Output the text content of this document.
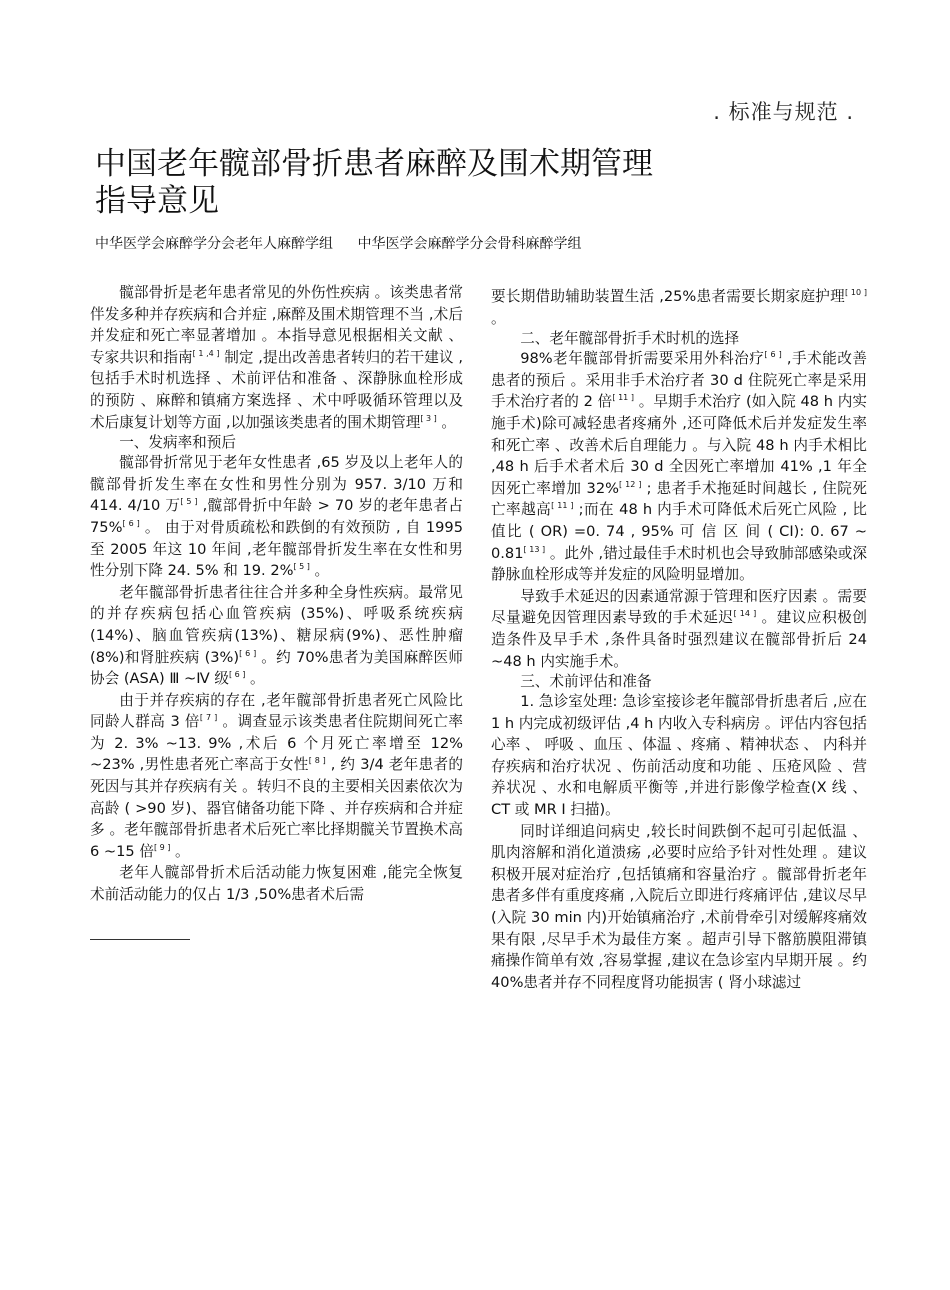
. 标准与规范 .
中国老年髋部骨折患者麻醉及围术期管理
指导意见
中华医学会麻醉学分会老年人麻醉学组 中华医学会麻醉学分会骨科麻醉学组

髋部骨折是老年患者常见的外伤性疾病 。该类患者常伴发多种并存疾病和合并症 ,麻醉及围术期管理不当 ,术后并发症和死亡率显著增加 。本指导意见根据相关文献 、专家共识和指南[ 1 ,4 ] 制定 ,提出改善患者转归的若干建议 ,包括手术时机选择 、术前评估和准备 、深静脉血栓形成的预防 、麻醉和镇痛方案选择 、术中呼吸循环管理以及术后康复计划等方面 ,以加强该类患者的围术期管理[ 3 ] 。

一、发病率和预后

髋部骨折常见于老年女性患者 ,65 岁及以上老年人的髋部骨折发生率在女性和男性分别为 957. 3/10 万和 414. 4/10 万[ 5 ] ,髋部骨折中年龄 > 70 岁的老年患者占 75%[ 6 ] 。 由于对骨质疏松和跌倒的有效预防 , 自 1995 至 2005 年这 10 年间 ,老年髋部骨折发生率在女性和男性分别下降 24. 5% 和 19. 2%[ 5 ] 。

老年髋部骨折患者往往合并多种全身性疾病。最常见的并存疾病包括心血管疾病 (35%)、呼吸系统疾病 (14%)、脑血管疾病(13%)、糖尿病(9%)、恶性肿瘤 (8%)和肾脏疾病 (3%)[ 6 ] 。约 70%患者为美国麻醉医师协会 (ASA) Ⅲ ~Ⅳ 级[ 6 ] 。

由于并存疾病的存在 ,老年髋部骨折患者死亡风险比同龄人群高 3 倍[ 7 ] 。调查显示该类患者住院期间死亡率为 2. 3% ~13. 9% ,术后 6 个月死亡率增至 12% ~23% ,男性患者死亡率高于女性[ 8 ] , 约 3/4 老年患者的死因与其并存疾病有关 。转归不良的主要相关因素依次为高龄 ( >90 岁)、器官储备功能下降 、并存疾病和合并症多 。老年髋部骨折患者术后死亡率比择期髋关节置换术高 6 ~15 倍[ 9 ] 。

老年人髋部骨折术后活动能力恢复困难 ,能完全恢复术前活动能力的仅占 1/3 ,50%患者术后需

要长期借助辅助装置生活 ,25%患者需要长期家庭护理[ 10 ] 。

二、老年髋部骨折手术时机的选择

98%老年髋部骨折需要采用外科治疗[ 6 ] ,手术能改善患者的预后 。采用非手术治疗者 30 d 住院死亡率是采用手术治疗者的 2 倍[ 11 ] 。早期手术治疗 (如入院 48 h 内实施手术)除可减轻患者疼痛外 ,还可降低术后并发症发生率和死亡率 、改善术后自理能力 。与入院 48 h 内手术相比 ,48 h 后手术者术后 30 d 全因死亡率增加 41% ,1 年全因死亡率增加 32%[ 12 ] ; 患者手术拖延时间越长 , 住院死亡率越高[ 11 ] ;而在 48 h 内手术可降低术后死亡风险 , 比值比 ( OR) =0. 74 , 95% 可 信 区 间 ( CI): 0. 67 ~ 0.81[ 13 ] 。此外 ,错过最佳手术时机也会导致肺部感染或深静脉血栓形成等并发症的风险明显增加。

导致手术延迟的因素通常源于管理和医疗因素 。需要尽量避免因管理因素导致的手术延迟[ 14 ] 。建议应积极创造条件及早手术 ,条件具备时强烈建议在髋部骨折后 24 ~48 h 内实施手术。

三、术前评估和准备

1. 急诊室处理: 急诊室接诊老年髋部骨折患者后 ,应在 1 h 内完成初级评估 ,4 h 内收入专科病房 。评估内容包括心率 、 呼吸 、血压 、体温 、疼痛 、精神状态 、 内科并存疾病和治疗状况 、伤前活动度和功能 、压疮风险 、营养状况 、水和电解质平衡等 ,并进行影像学检查(X 线 、 CT 或 MR I 扫描)。

同时详细追问病史 ,较长时间跌倒不起可引起低温 、 肌肉溶解和消化道溃疡 ,必要时应给予针对性处理 。建议积极开展对症治疗 ,包括镇痛和容量治疗 。髋部骨折老年患者多伴有重度疼痛 ,入院后立即进行疼痛评估 ,建议尽早(入院 30 min 内)开始镇痛治疗 ,术前骨牵引对缓解疼痛效果有限 ,尽早手术为最佳方案 。超声引导下髂筋膜阻滞镇痛操作简单有效 ,容易掌握 ,建议在急诊室内早期开展 。约 40%患者并存不同程度肾功能损害 ( 肾小球滤过
